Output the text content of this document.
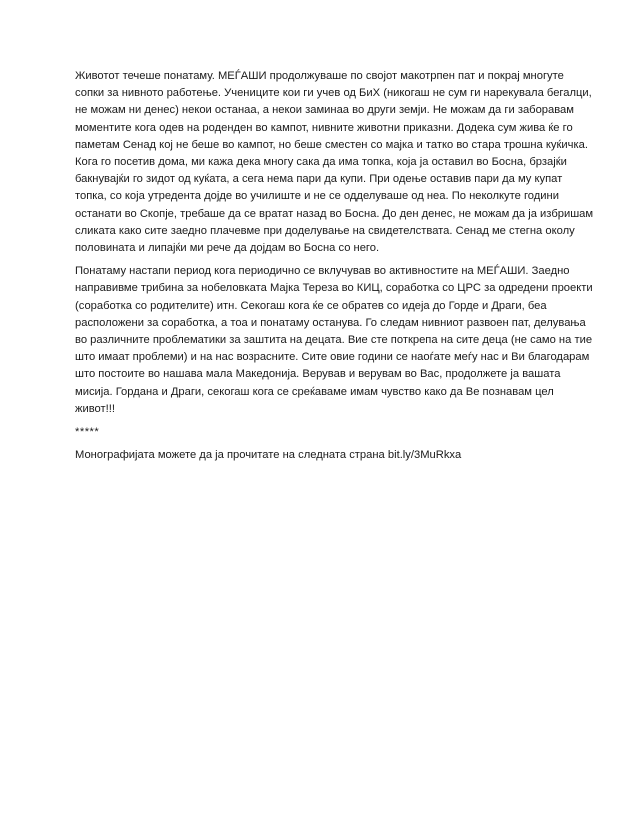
Животот течеше понатаму. МЕЃАШИ продолжуваше по својот макотрпен пат и покрај многуте
сопки за нивното работење. Учениците кои ги учев од БиХ (никогаш не сум ги нарекувала бегалци,
не можам ни денес) некои останаа, а некои заминаа во други земји. Не можам да ги заборавам
моментите кога одев на роденден во кампот, нивните животни приказни. Додека сум жива ќе го
паметам Сенад кој не беше во кампот, но беше сместен со мајка и татко во стара трошна куќичка.
Кога го посетив дома, ми кажа дека многу сака да има топка, која ја оставил во Босна, брзајќи
бакнувајќи го зидот од куќата, а сега нема пари да купи. При одење оставив пари да му купат
топка, со која утредента дојде во училиште и не се одделуваше од неа. По неколкуте години
останати во Скопје, требаше да се вратат назад во Босна. До ден денес, не можам да ја избришам
сликата како сите заедно плачевме при доделување на свидетелствата. Сенад ме стегна околу
половината и липајќи ми рече да дојдам во Босна со него.

Понатаму настапи период кога периодично се вклучував во активностите на МЕЃАШИ. Заедно
направивме трибина за нобеловката Мајка Тереза во КИЦ, соработка со ЦРС за одредени проекти
(соработка со родителите) итн. Секогаш кога ќе се обратев со идеја до Горде и Драги, беа
расположени за соработка, а тоа и понатаму останува. Го следам нивниот развоен пат, делувања
во различните проблематики за заштита на децата. Вие сте поткрепа на сите деца (не само на тие
што имаат проблеми) и на нас возрасните. Сите овие години се наоѓате меѓу нас и Ви благодарам
што постоите во нашава мала Македонија. Верував и верувам во Вас, продолжете ја вашата
мисија. Гордана и Драги, секогаш кога се среќаваме имам чувство како да Ве познавам цел
живот!!!

*****

Монографијата можете да ја прочитате на следната страна bit.ly/3MuRkxa
